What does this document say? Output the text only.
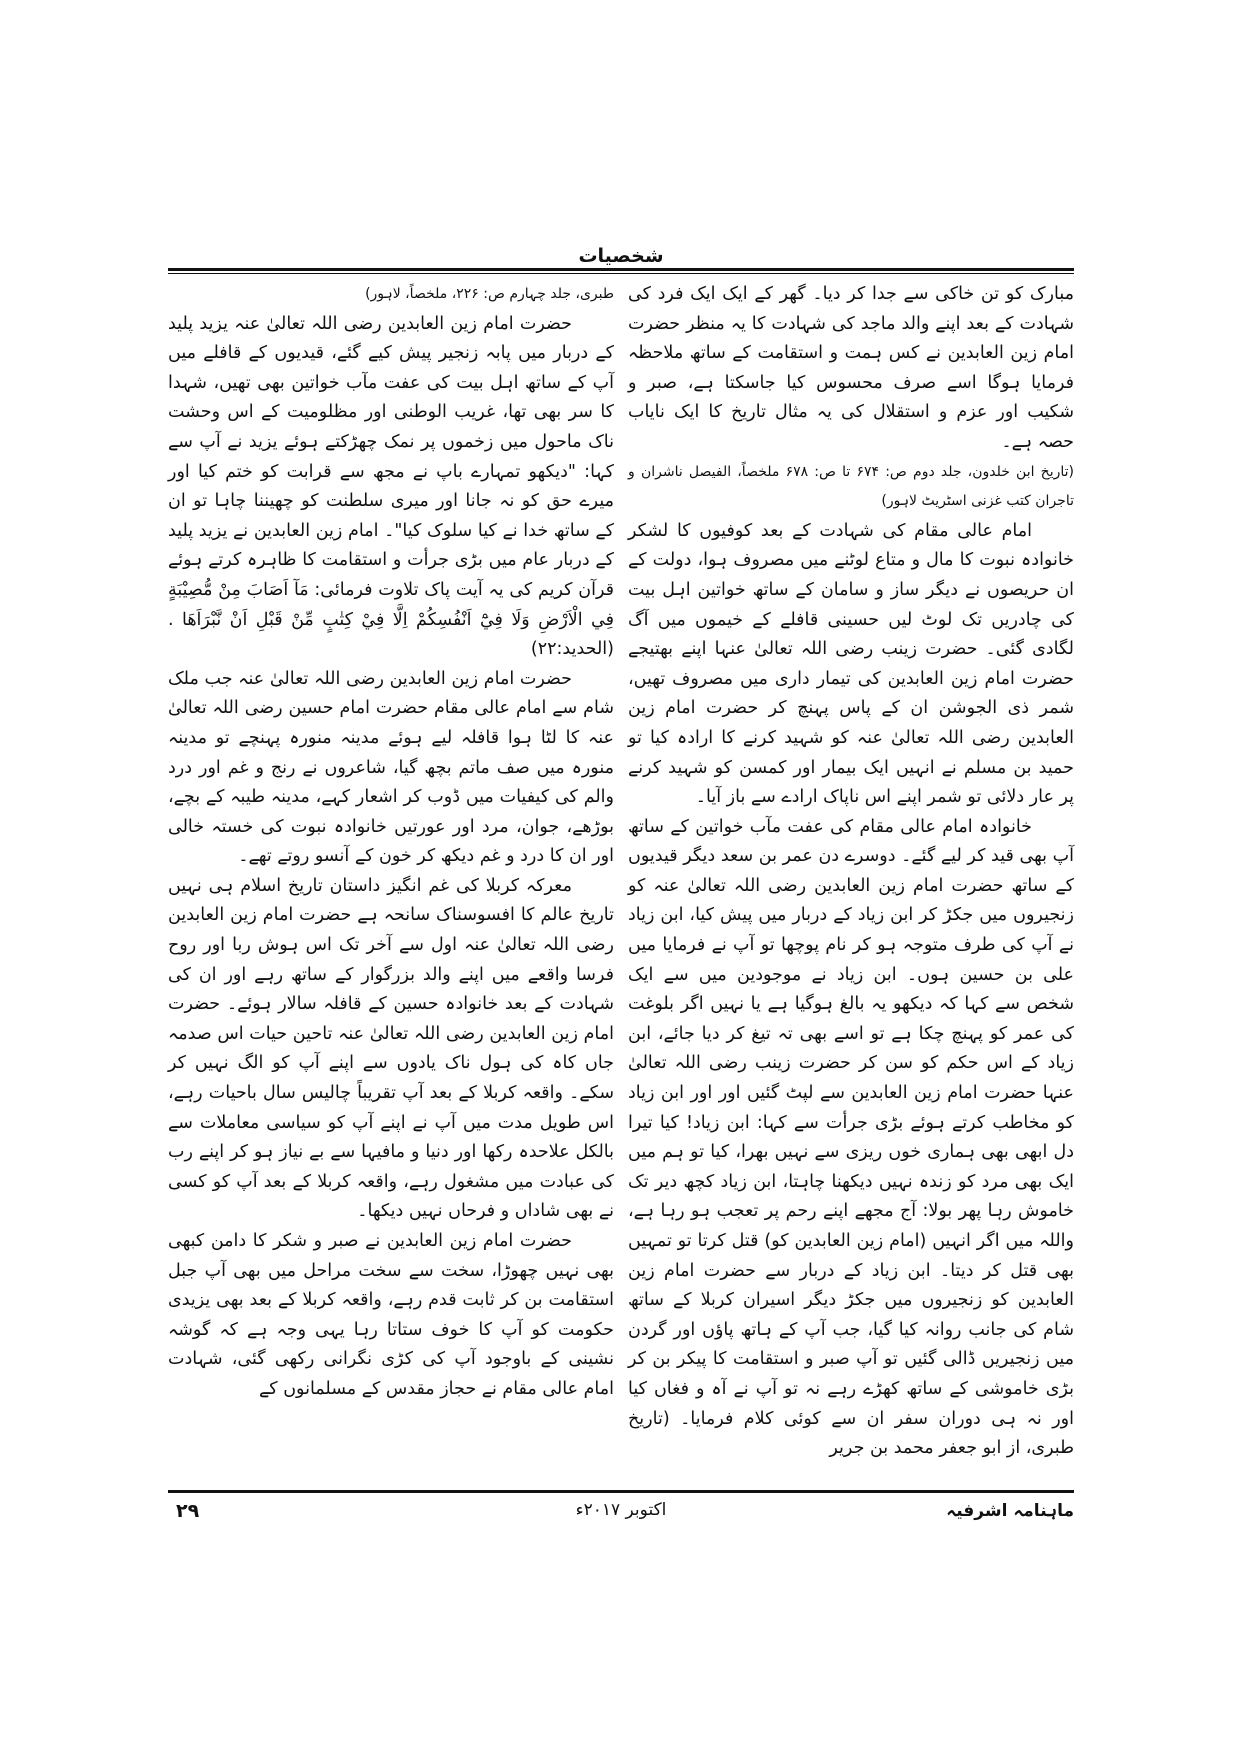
شخصیات

مبارک کو تن خاکی سے جدا کر دیا۔ گھر کے ایک ایک فرد کی شہادت کے بعد اپنے والد ماجد کی شہادت کا یہ منظر حضرت امام زین العابدین نے کس ہمت و استقامت کے ساتھ ملاحظہ فرمایا ہوگا اسے صرف محسوس کیا جاسکتا ہے، صبر و شکیب اور عزم و استقلال کی یہ مثال تاریخ کا ایک نایاب حصہ ہے۔
(تاریخ ابن خلدون، جلد دوم ص: ۶۷۴ تا ص: ۶۷۸ ملخصاً، الفیصل ناشران و تاجران کتب غزنی اسٹریٹ لاہور)

امام عالی مقام کی شہادت کے بعد کوفیوں کا لشکر خانوادہ نبوت کا مال و متاع لوٹنے میں مصروف ہوا، دولت کے ان حریصوں نے دیگر ساز و سامان کے ساتھ خواتین اہل بیت کی چادریں تک لوٹ لیں حسینی قافلے کے خیموں میں آگ لگادی گئی۔ حضرت زینب رضی اللہ تعالیٰ عنہا اپنے بھتیجے حضرت امام زین العابدین کی تیمار داری میں مصروف تھیں، شمر ذی الجوشن ان کے پاس پہنچ کر حضرت امام زین العابدین رضی اللہ تعالیٰ عنہ کو شہید کرنے کا ارادہ کیا تو حمید بن مسلم نے انہیں ایک بیمار اور کمسن کو شہید کرنے پر عار دلائی تو شمر اپنے اس ناپاک ارادے سے باز آیا۔

خانوادہ امام عالی مقام کی عفت مآب خواتین کے ساتھ آپ بھی قید کر لیے گئے۔ دوسرے دن عمر بن سعد دیگر قیدیوں کے ساتھ حضرت امام زین العابدین رضی اللہ تعالیٰ عنہ کو زنجیروں میں جکڑ کر ابن زیاد کے دربار میں پیش کیا، ابن زیاد نے آپ کی طرف متوجہ ہو کر نام پوچھا تو آپ نے فرمایا میں علی بن حسین ہوں۔ ابن زیاد نے موجودین میں سے ایک شخص سے کہا کہ دیکھو یہ بالغ ہوگیا ہے یا نہیں اگر بلوغت کی عمر کو پہنچ چکا ہے تو اسے بھی تہ تیغ کر دیا جائے، ابن زیاد کے اس حکم کو سن کر حضرت زینب رضی اللہ تعالیٰ عنہا حضرت امام زین العابدین سے لپٹ گئیں اور اور ابن زیاد کو مخاطب کرتے ہوئے بڑی جرأت سے کہا: ابن زیاد! کیا تیرا دل ابھی بھی ہماری خوں ریزی سے نہیں بھرا، کیا تو ہم میں ایک بھی مرد کو زندہ نہیں دیکھنا چاہتا، ابن زیاد کچھ دیر تک خاموش رہا پھر بولا: آج مجھے اپنے رحم پر تعجب ہو رہا ہے، واللہ میں اگر انہیں (امام زین العابدین کو) قتل کرتا تو تمہیں بھی قتل کر دیتا۔ ابن زیاد کے دربار سے حضرت امام زین العابدین کو زنجیروں میں جکڑ دیگر اسیران کربلا کے ساتھ شام کی جانب روانہ کیا گیا، جب آپ کے ہاتھ پاؤں اور گردن میں زنجیریں ڈالی گئیں تو آپ صبر و استقامت کا پیکر بن کر بڑی خاموشی کے ساتھ کھڑے رہے نہ تو آپ نے آہ و فغاں کیا اور نہ ہی دوران سفر ان سے کوئی کلام فرمایا۔ (تاریخ طبری، از ابو جعفر محمد بن جریر

طبری، جلد چہارم ص: ۲۲۶، ملخصاً، لاہور)

حضرت امام زین العابدین رضی اللہ تعالیٰ عنہ یزید پلید کے دربار میں پابہ زنجیر پیش کیے گئے، قیدیوں کے قافلے میں آپ کے ساتھ اہل بیت کی عفت مآب خواتین بھی تھیں، شہدا کا سر بھی تھا، غریب الوطنی اور مظلومیت کے اس وحشت ناک ماحول میں زخموں پر نمک چھڑکتے ہوئے یزید نے آپ سے کہا: "دیکھو تمہارے باپ نے مجھ سے قرابت کو ختم کیا اور میرے حق کو نہ جانا اور میری سلطنت کو چھیننا چاہا تو ان کے ساتھ خدا نے کیا سلوک کیا"۔ امام زین العابدین نے یزید پلید کے دربار عام میں بڑی جرأت و استقامت کا ظاہرہ کرتے ہوئے قرآن کریم کی یہ آیت پاک تلاوت فرمائی: مَآ اَصَابَ مِنْ مُّصِيْبَةٍ فِي الْاَرْضِ وَلَا فِيْٓ اَنْفُسِكُمْ اِلَّا فِيْ كِتٰبٍ مِّنْ قَبْلِ اَنْ نَّبْرَاَهَا .(الحدید:۲۲)

حضرت امام زین العابدین رضی اللہ تعالیٰ عنہ جب ملک شام سے امام عالی مقام حضرت امام حسین رضی اللہ تعالیٰ عنہ کا لٹا ہوا قافلہ لیے ہوئے مدینہ منورہ پہنچے تو مدینہ منورہ میں صف ماتم بچھ گیا، شاعروں نے رنج و غم اور درد والم کی کیفیات میں ڈوب کر اشعار کہے، مدینہ طیبہ کے بچے، بوڑھے، جوان، مرد اور عورتیں خانوادہ نبوت کی خستہ خالی اور ان کا درد و غم دیکھ کر خون کے آنسو روتے تھے۔

معرکہ کربلا کی غم انگیز داستان تاریخ اسلام ہی نہیں تاریخ عالم کا افسوسناک سانحہ ہے حضرت امام زین العابدین رضی اللہ تعالیٰ عنہ اول سے آخر تک اس ہوش ربا اور روح فرسا واقعے میں اپنے والد بزرگوار کے ساتھ رہے اور ان کی شہادت کے بعد خانوادہ حسین کے قافلہ سالار ہوئے۔ حضرت امام زین العابدین رضی اللہ تعالیٰ عنہ تاحین حیات اس صدمہ جاں کاہ کی ہول ناک یادوں سے اپنے آپ کو الگ نہیں کر سکے۔ واقعہ کربلا کے بعد آپ تقریباً چالیس سال باحیات رہے، اس طویل مدت میں آپ نے اپنے آپ کو سیاسی معاملات سے بالکل علاحدہ رکھا اور دنیا و مافیہا سے بے نیاز ہو کر اپنے رب کی عبادت میں مشغول رہے، واقعہ کربلا کے بعد آپ کو کسی نے بھی شاداں و فرحاں نہیں دیکھا۔

حضرت امام زین العابدین نے صبر و شکر کا دامن کبھی بھی نہیں چھوڑا، سخت سے سخت مراحل میں بھی آپ جبل استقامت بن کر ثابت قدم رہے، واقعہ کربلا کے بعد بھی یزیدی حکومت کو آپ کا خوف ستاتا رہا یہی وجہ ہے کہ گوشہ نشینی کے باوجود آپ کی کڑی نگرانی رکھی گئی، شہادت امام عالی مقام نے حجاز مقدس کے مسلمانوں کے

ماہنامہ اشرفیہ
اکتوبر ۲۰۱۷ء
۲۹
